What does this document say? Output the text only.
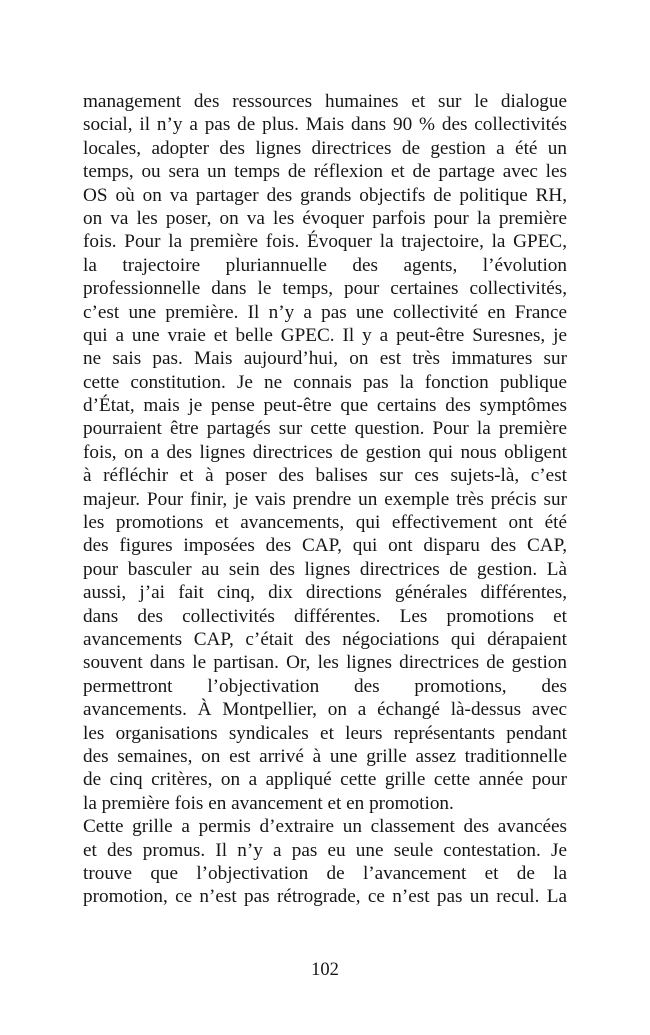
management des ressources humaines et sur le dialogue
social, il n’y a pas de plus. Mais dans 90 % des collectivités
locales, adopter des lignes directrices de gestion a été un
temps, ou sera un temps de réflexion et de partage avec les
OS où on va partager des grands objectifs de politique RH,
on va les poser, on va les évoquer parfois pour la première
fois. Pour la première fois. Évoquer la trajectoire, la GPEC,
la trajectoire pluriannuelle des agents, l’évolution
professionnelle dans le temps, pour certaines collectivités,
c’est une première. Il n’y a pas une collectivité en France
qui a une vraie et belle GPEC. Il y a peut-être Suresnes, je
ne sais pas. Mais aujourd’hui, on est très immatures sur
cette constitution. Je ne connais pas la fonction publique
d’État, mais je pense peut-être que certains des symptômes
pourraient être partagés sur cette question. Pour la première
fois, on a des lignes directrices de gestion qui nous obligent
à réfléchir et à poser des balises sur ces sujets-là, c’est
majeur. Pour finir, je vais prendre un exemple très précis sur
les promotions et avancements, qui effectivement ont été
des figures imposées des CAP, qui ont disparu des CAP,
pour basculer au sein des lignes directrices de gestion. Là
aussi, j’ai fait cinq, dix directions générales différentes,
dans des collectivités différentes. Les promotions et
avancements CAP, c’était des négociations qui dérapaient
souvent dans le partisan. Or, les lignes directrices de gestion
permettront l’objectivation des promotions, des
avancements. À Montpellier, on a échangé là-dessus avec
les organisations syndicales et leurs représentants pendant
des semaines, on est arrivé à une grille assez traditionnelle
de cinq critères, on a appliqué cette grille cette année pour
la première fois en avancement et en promotion.
Cette grille a permis d’extraire un classement des avancées
et des promus. Il n’y a pas eu une seule contestation. Je
trouve que l’objectivation de l’avancement et de la
promotion, ce n’est pas rétrograde, ce n’est pas un recul. La
102
